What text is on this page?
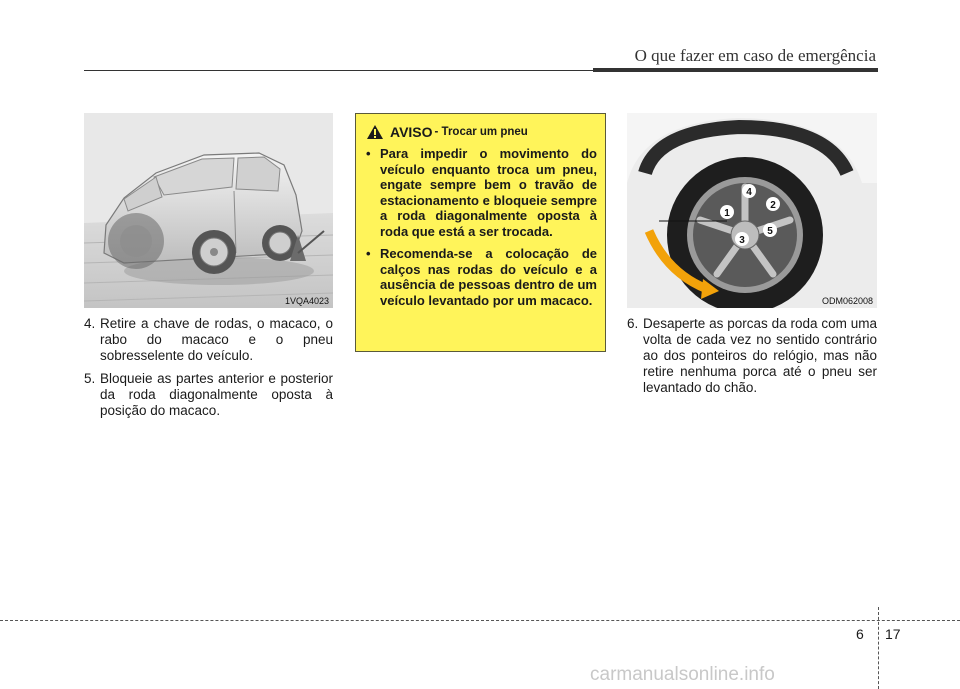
O que fazer em caso de emergência
1VQA4023
4. Retire a chave de rodas, o macaco, o rabo do macaco e o pneu sobresselente do veículo.
5. Bloqueie as partes anterior e posterior da roda diagonalmente oposta à posição do macaco.
AVISO - Trocar um pneu
• Para impedir o movimento do veículo enquanto troca um pneu, engate sempre bem o travão de estacionamento e bloqueie sempre a roda diagonalmente oposta à roda que está a ser trocada.
• Recomenda-se a colocação de calços nas rodas do veículo e a ausência de pessoas dentro de um veículo levantado por um macaco.
1
2
3
4
5
ODM062008
6. Desaperte as porcas da roda com uma volta de cada vez no sentido contrário ao dos ponteiros do relógio, mas não retire nenhuma porca até o pneu ser levantado do chão.
6 17
carmanualsonline.info
